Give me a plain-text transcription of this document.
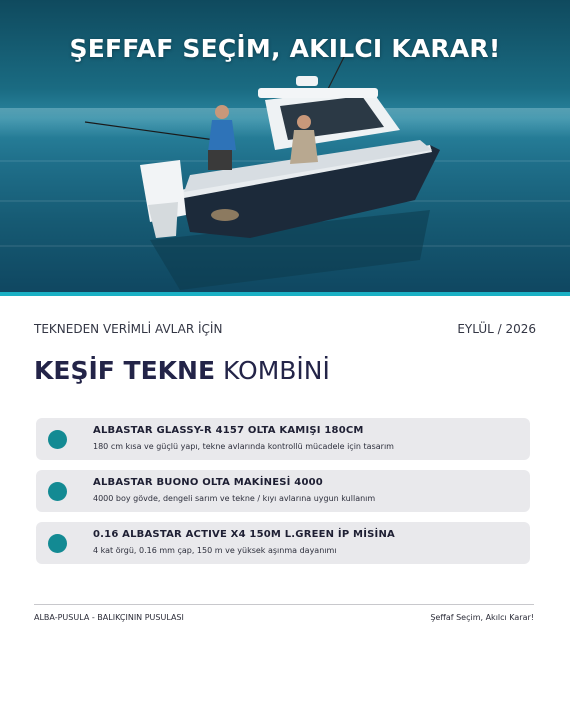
ŞEFFAF SEÇİM, AKILCI KARAR!
TEKNEDEN VERİMLİ AVLAR İÇİN	EYLÜL / 2026
KEŞİF TEKNE KOMBİNİ
ALBASTAR GLASSY-R 4157 OLTA KAMIŞI 180CM
180 cm kısa ve güçlü yapı, tekne avlarında kontrollü mücadele için tasarım
ALBASTAR BUONO OLTA MAKİNESİ 4000
4000 boy gövde, dengeli sarım ve tekne / kıyı avlarına uygun kullanım
0.16 ALBASTAR ACTIVE X4 150M L.GREEN İP MİSİNA
4 kat örgü, 0.16 mm çap, 150 m ve yüksek aşınma dayanımı
ALBA-PUSULA - BALIKÇININ PUSULASI	Şeffaf Seçim, Akılcı Karar!
